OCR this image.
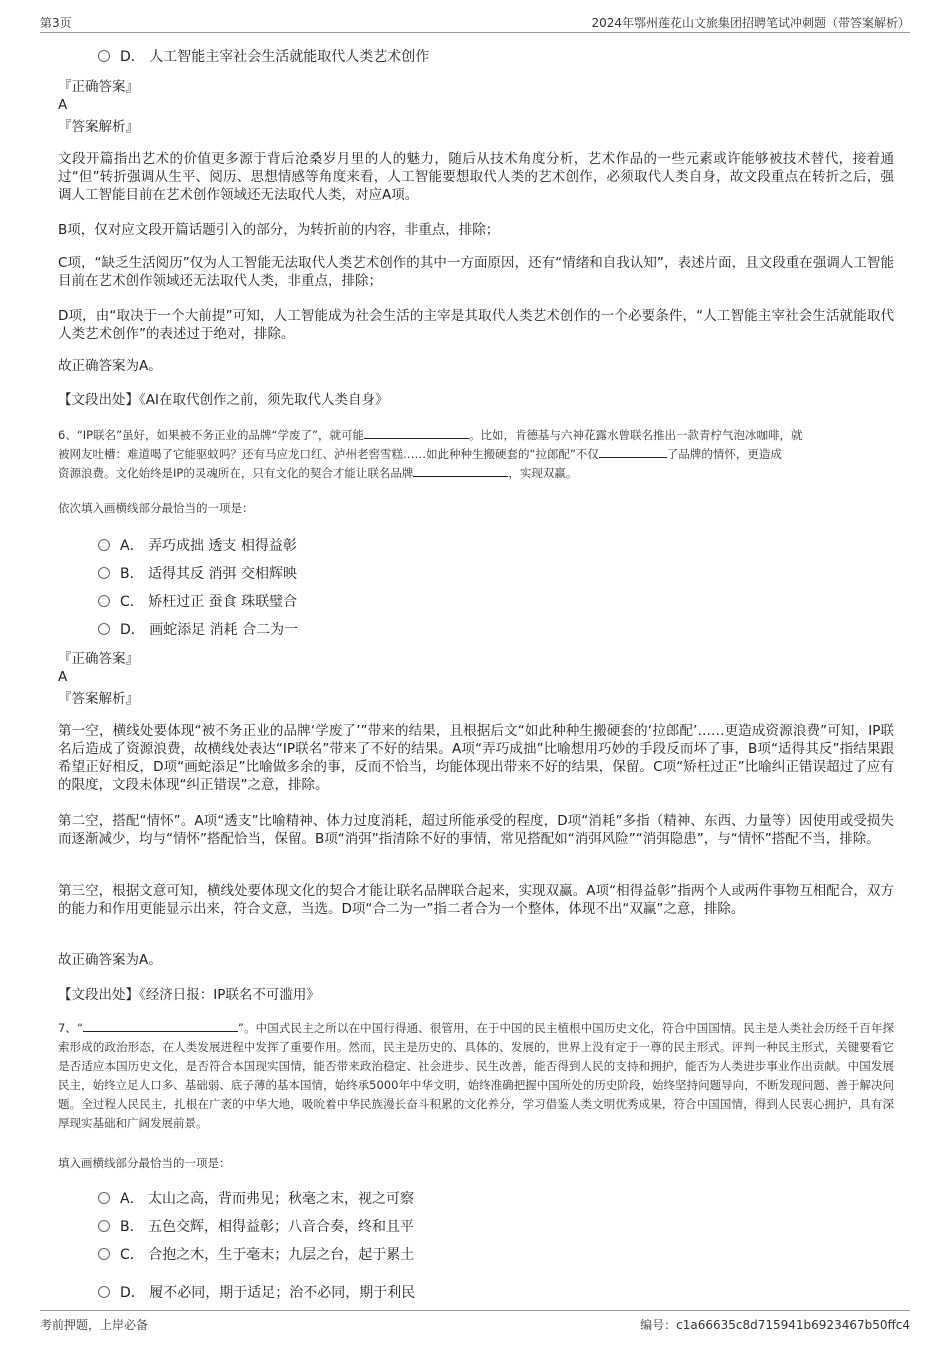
第3页	2024年鄂州莲花山文旅集团招聘笔试冲刺题（带答案解析）
D． 人工智能主宰社会生活就能取代人类艺术创作
『正确答案』
A
『答案解析』
文段开篇指出艺术的价值更多源于背后沧桑岁月里的人的魅力，随后从技术角度分析，艺术作品的一些元素或许能够被技术替代，接着通过“但”转折强调从生平、阅历、思想情感等角度来看，人工智能要想取代人类的艺术创作，必须取代人类自身，故文段重点在转折之后，强调人工智能目前在艺术创作领域还无法取代人类，对应A项。
B项，仅对应文段开篇话题引入的部分，为转折前的内容，非重点，排除；
C项，“缺乏生活阅历”仅为人工智能无法取代人类艺术创作的其中一方面原因，还有“情绪和自我认知”，表述片面，且文段重在强调人工智能目前在艺术创作领域还无法取代人类，非重点，排除；
D项，由“取决于一个大前提”可知，人工智能成为社会生活的主宰是其取代人类艺术创作的一个必要条件，“人工智能主宰社会生活就能取代人类艺术创作”的表述过于绝对，排除。
故正确答案为A。
【文段出处】《AI在取代创作之前，须先取代人类自身》
6、“IP联名”虽好，如果被不务正业的品牌“学废了”，就可能	。比如，肯德基与六神花露水曾联名推出一款青柠气泡冰咖啡，就
被网友吐槽：难道喝了它能驱蚊吗？还有马应龙口红、泸州老窖雪糕……如此种种生搬硬套的“拉郎配”不仅	了品牌的情怀，更造成
资源浪费。文化始终是IP的灵魂所在，只有文化的契合才能让联名品牌	，实现双赢。
依次填入画横线部分最恰当的一项是：
A． 弄巧成拙 透支 相得益彰
B． 适得其反 消弭 交相辉映
C． 矫枉过正 蚕食 珠联璧合
D． 画蛇添足 消耗 合二为一
『正确答案』
A
『答案解析』
第一空，横线处要体现“被不务正业的品牌‘学废了’”带来的结果，且根据后文“如此种种生搬硬套的‘拉郎配’……更造成资源浪费”可知，IP联名后造成了资源浪费，故横线处表达“IP联名”带来了不好的结果。A项“弄巧成拙”比喻想用巧妙的手段反而坏了事，B项“适得其反”指结果跟希望正好相反，D项“画蛇添足”比喻做多余的事，反而不恰当，均能体现出带来不好的结果，保留。C项“矫枉过正”比喻纠正错误超过了应有的限度，文段未体现“纠正错误”之意，排除。
第二空，搭配“情怀”。A项“透支”比喻精神、体力过度消耗，超过所能承受的程度，D项“消耗”多指（精神、东西、力量等）因使用或受损失而逐渐减少，均与“情怀”搭配恰当，保留。B项“消弭”指清除不好的事情，常见搭配如“消弭风险”“消弭隐患”，与“情怀”搭配不当，排除。
第三空，根据文意可知，横线处要体现文化的契合才能让联名品牌联合起来，实现双赢。A项“相得益彰”指两个人或两件事物互相配合，双方的能力和作用更能显示出来，符合文意，当选。D项“合二为一”指二者合为一个整体，体现不出“双赢”之意，排除。
故正确答案为A。
【文段出处】《经济日报：IP联名不可滥用》
7、“	”。中国式民主之所以在中国行得通、很管用，在于中国的民主植根中国历史文化，符合中国国情。民主是人类社会历经千百年探索形成的政治形态，在人类发展进程中发挥了重要作用。然而，民主是历史的、具体的、发展的，世界上没有定于一尊的民主形式。评判一种民主形式，关键要看它是否适应本国历史文化，是否符合本国现实国情，能否带来政治稳定、社会进步、民生改善，能否得到人民的支持和拥护，能否为人类进步事业作出贡献。中国发展民主，始终立足人口多、基础弱、底子薄的基本国情，始终承5000年中华文明，始终准确把握中国所处的历史阶段，始终坚持问题导向，不断发现问题、善于解决问题。全过程人民民主，扎根在广袤的中华大地，吸吮着中华民族漫长奋斗积累的文化养分，学习借鉴人类文明优秀成果，符合中国国情，得到人民衷心拥护，具有深厚现实基础和广阔发展前景。
填入画横线部分最恰当的一项是：
A． 太山之高，背而弗见；秋毫之末，视之可察
B． 五色交辉，相得益彰；八音合奏，终和且平
C． 合抱之木，生于毫末；九层之台，起于累土
D． 履不必同，期于适足；治不必同，期于利民
考前押题，上岸必备	编号：c1a66635c8d715941b6923467b50ffc4
